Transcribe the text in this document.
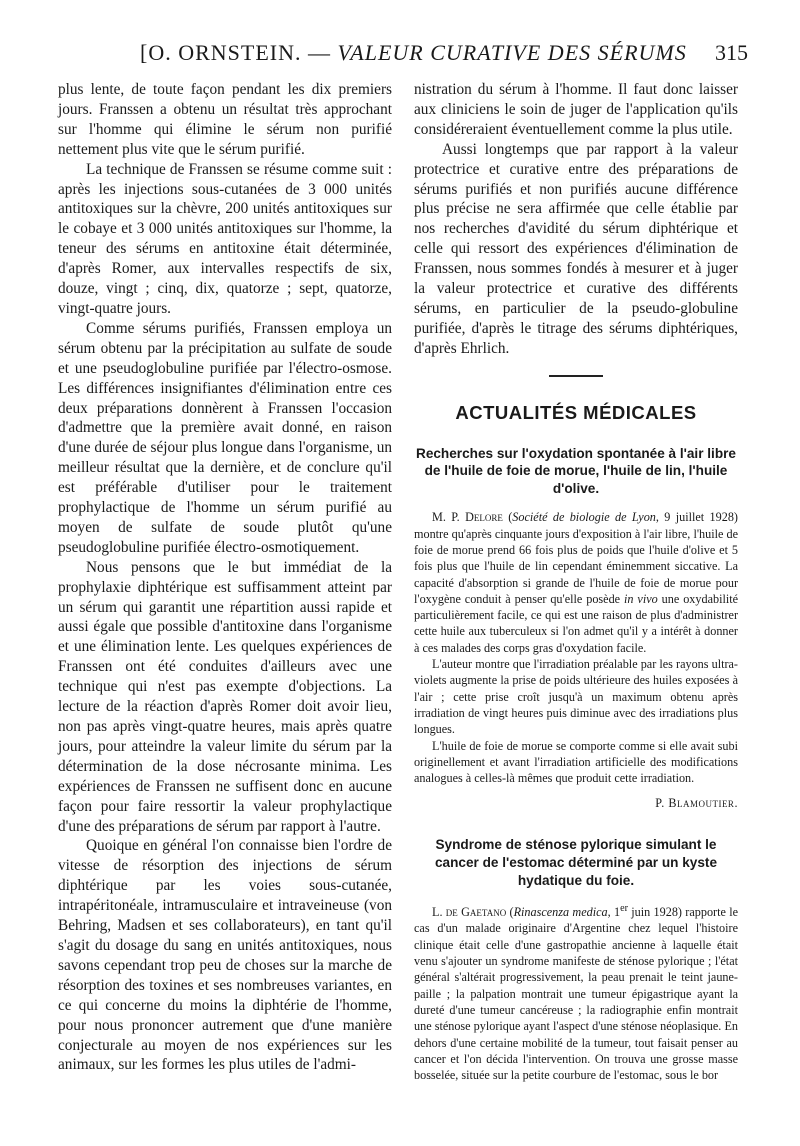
[O. ORNSTEIN. — VALEUR CURATIVE DES SÉRUMS 315

plus lente, de toute façon pendant les dix premiers jours. Franssen a obtenu un résultat très approchant sur l'homme qui élimine le sérum non purifié nettement plus vite que le sérum purifié.

La technique de Franssen se résume comme suit : après les injections sous-cutanées de 3 000 unités antitoxiques sur la chèvre, 200 unités antitoxiques sur le cobaye et 3 000 unités antitoxiques sur l'homme, la teneur des sérums en antitoxine était déterminée, d'après Romer, aux intervalles respectifs de six, douze, vingt ; cinq, dix, quatorze ; sept, quatorze, vingt-quatre jours.

Comme sérums purifiés, Franssen employa un sérum obtenu par la précipitation au sulfate de soude et une pseudoglobuline purifiée par l'électro-osmose. Les différences insignifiantes d'élimination entre ces deux préparations donnèrent à Franssen l'occasion d'admettre que la première avait donné, en raison d'une durée de séjour plus longue dans l'organisme, un meilleur résultat que la dernière, et de conclure qu'il est préférable d'utiliser pour le traitement prophylactique de l'homme un sérum purifié au moyen de sulfate de soude plutôt qu'une pseudoglobuline purifiée électro-osmotiquement.

Nous pensons que le but immédiat de la prophylaxie diphtérique est suffisamment atteint par un sérum qui garantit une répartition aussi rapide et aussi égale que possible d'antitoxine dans l'organisme et une élimination lente. Les quelques expériences de Franssen ont été conduites d'ailleurs avec une technique qui n'est pas exempte d'objections. La lecture de la réaction d'après Romer doit avoir lieu, non pas après vingt-quatre heures, mais après quatre jours, pour atteindre la valeur limite du sérum par la détermination de la dose nécrosante minima. Les expériences de Franssen ne suffisent donc en aucune façon pour faire ressortir la valeur prophylactique d'une des préparations de sérum par rapport à l'autre.

Quoique en général l'on connaisse bien l'ordre de vitesse de résorption des injections de sérum diphtérique par les voies sous-cutanée, intrapéritonéale, intramusculaire et intraveineuse (von Behring, Madsen et ses collaborateurs), en tant qu'il s'agit du dosage du sang en unités antitoxiques, nous savons cependant trop peu de choses sur la marche de résorption des toxines et ses nombreuses variantes, en ce qui concerne du moins la diphtérie de l'homme, pour nous prononcer autrement que d'une manière conjecturale au moyen de nos expériences sur les animaux, sur les formes les plus utiles de l'admi-

nistration du sérum à l'homme. Il faut donc laisser aux cliniciens le soin de juger de l'application qu'ils considéreraient éventuellement comme la plus utile.

Aussi longtemps que par rapport à la valeur protectrice et curative entre des préparations de sérums purifiés et non purifiés aucune différence plus précise ne sera affirmée que celle établie par nos recherches d'avidité du sérum diphtérique et celle qui ressort des expériences d'élimination de Franssen, nous sommes fondés à mesurer et à juger la valeur protectrice et curative des différents sérums, en particulier de la pseudo-globuline purifiée, d'après le titrage des sérums diphtériques, d'après Ehrlich.

ACTUALITÉS MÉDICALES
Recherches sur l'oxydation spontanée à l'air libre de l'huile de foie de morue, l'huile de lin, l'huile d'olive.

M. P. Delore (Société de biologie de Lyon, 9 juillet 1928) montre qu'après cinquante jours d'exposition à l'air libre, l'huile de foie de morue prend 66 fois plus de poids que l'huile d'olive et 5 fois plus que l'huile de lin cependant éminemment siccative. La capacité d'absorption si grande de l'huile de foie de morue pour l'oxygène conduit à penser qu'elle posède in vivo une oxydabilité particulièrement facile, ce qui est une raison de plus d'administrer cette huile aux tuberculeux si l'on admet qu'il y a intérêt à donner à ces malades des corps gras d'oxydation facile.

L'auteur montre que l'irradiation préalable par les rayons ultra-violets augmente la prise de poids ultérieure des huiles exposées à l'air ; cette prise croît jusqu'à un maximum obtenu après irradiation de vingt heures puis diminue avec des irradiations plus longues.

L'huile de foie de morue se comporte comme si elle avait subi originellement et avant l'irradiation artificielle des modifications analogues à celles-là mêmes que produit cette irradiation.

P. Blamoutier.
Syndrome de sténose pylorique simulant le cancer de l'estomac déterminé par un kyste hydatique du foie.

L. de Gaetano (Rinascenza medica, 1er juin 1928) rapporte le cas d'un malade originaire d'Argentine chez lequel l'histoire clinique était celle d'une gastropathie ancienne à laquelle était venu s'ajouter un syndrome manifeste de sténose pylorique ; l'état général s'altérait progressivement, la peau prenait le teint jaune-paille ; la palpation montrait une tumeur épigastrique ayant la dureté d'une tumeur cancéreuse ; la radiographie enfin montrait une sténose pylorique ayant l'aspect d'une sténose néoplasique. En dehors d'une certaine mobilité de la tumeur, tout faisait penser au cancer et l'on décida l'intervention. On trouva une grosse masse bosselée, située sur la petite courbure de l'estomac, sous le bor
